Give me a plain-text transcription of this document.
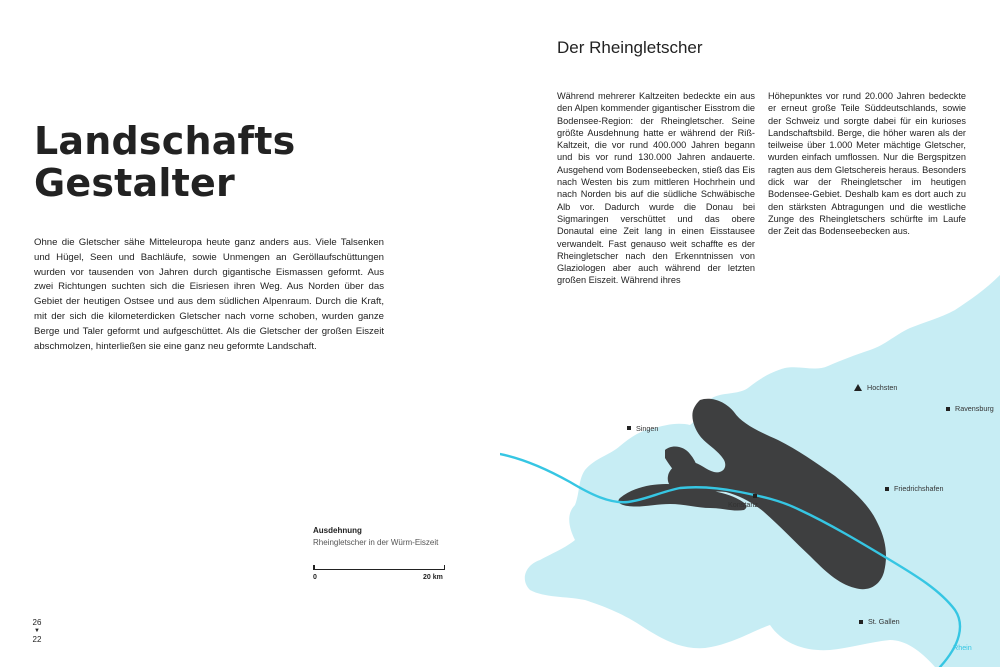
Landschafts
Gestalter

Ohne die Gletscher sähe Mitteleuropa heute ganz anders aus. Viele Talsenken und Hügel, Seen und Bachläufe, sowie Unmengen an Geröllaufschüttungen wurden vor tausenden von Jahren durch gigantische Eismassen geformt. Aus zwei Richtungen suchten sich die Eisriesen ihren Weg. Aus Norden über das Gebiet der heutigen Ostsee und aus dem südlichen Alpenraum. Durch die Kraft, mit der sich die kilometerdicken Gletscher nach vorne schoben, wurden ganze Berge und Taler geformt und aufgeschüttet. Als die Gletscher der großen Eiszeit abschmolzen, hinterließen sie eine ganz neu geformte Landschaft.

26
▼
22
Singen
Hochsten
Ravensburg
Friedrichshafen
Konstanz
St. Gallen
Rhein
Ausdehnung
Rheingletscher in der Würm-Eiszeit
0	20 km
Der Rheingletscher

Während mehrerer Kaltzeiten bedeckte ein aus den Alpen kommender gigantischer Eisstrom die Bodensee-Region: der Rheingletscher. Seine größte Ausdehnung hatte er während der Riß-Kaltzeit, die vor rund 400.000 Jahren begann und bis vor rund 130.000 Jahren andauerte. Ausgehend vom Bodenseebecken, stieß das Eis nach Westen bis zum mittleren Hochrhein und nach Norden bis auf die südliche Schwäbische Alb vor. Dadurch wurde die Donau bei Sigmaringen verschüttet und das obere Donautal eine Zeit lang in einen Eisstausee verwandelt. Fast genauso weit schaffte es der Rheingletscher nach den Erkenntnissen von Glaziologen aber auch während der letzten großen Eiszeit. Während ihres

Höhepunktes vor rund 20.000 Jahren bedeckte er erneut große Teile Süddeutschlands, sowie der Schweiz und sorgte dabei für ein kurioses Landschaftsbild. Berge, die höher waren als der teilweise über 1.000 Meter mächtige Gletscher, wurden einfach umflossen. Nur die Bergspitzen ragten aus dem Gletschereis heraus. Besonders dick war der Rheingletscher im heutigen Bodensee-Gebiet. Deshalb kam es dort auch zu den stärksten Abtragungen und die westliche Zunge des Rheingletschers schürfte im Laufe der Zeit das Bodenseebecken aus.
